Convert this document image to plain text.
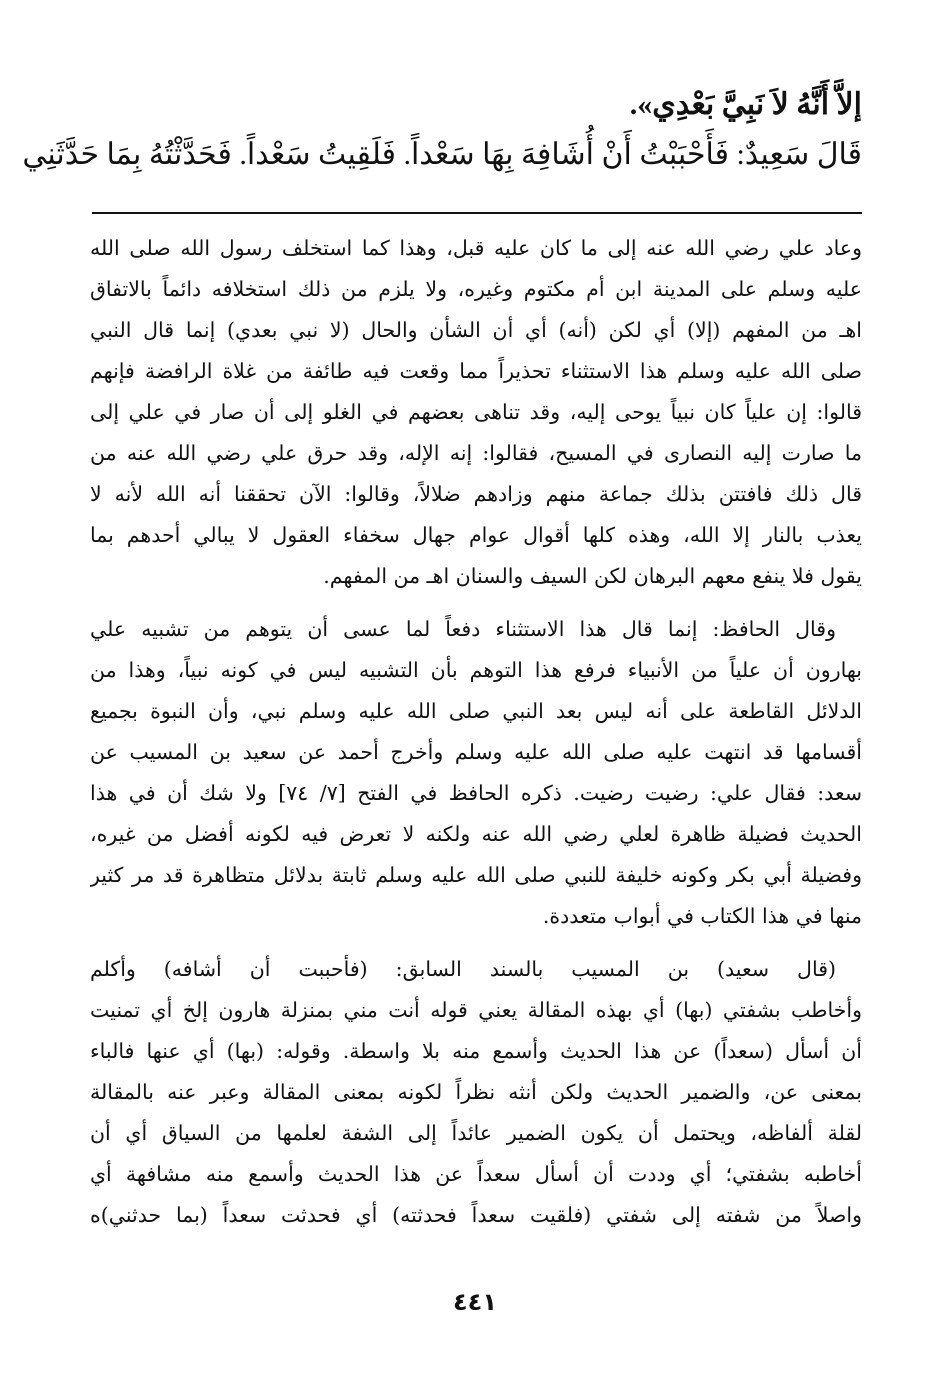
إلاَّ أَنَّهُ لاَ نَبِيَّ بَعْدِي».

قَالَ سَعِيدٌ: فَأَحْبَبْتُ أَنْ أُشَافِهَ بِهَا سَعْداً. فَلَقِيتُ سَعْداً. فَحَدَّثْتُهُ بِمَا حَدَّثَنِي

وعاد علي رضي الله عنه إلى ما كان عليه قبل، وهذا كما استخلف رسول الله صلى الله
عليه وسلم على المدينة ابن أم مكتوم وغيره، ولا يلزم من ذلك استخلافه دائماً بالاتفاق
اهـ من المفهم (إلا) أي لكن (أنه) أي أن الشأن والحال (لا نبي بعدي) إنما قال النبي
صلى الله عليه وسلم هذا الاستثناء تحذيراً مما وقعت فيه طائفة من غلاة الرافضة فإنهم
قالوا: إن علياً كان نبياً يوحى إليه، وقد تناهى بعضهم في الغلو إلى أن صار في علي إلى
ما صارت إليه النصارى في المسيح، فقالوا: إنه الإله، وقد حرق علي رضي الله عنه من
قال ذلك فافتتن بذلك جماعة منهم وزادهم ضلالاً، وقالوا: الآن تحققنا أنه الله لأنه لا
يعذب بالنار إلا الله، وهذه كلها أقوال عوام جهال سخفاء العقول لا يبالي أحدهم بما
يقول فلا ينفع معهم البرهان لكن السيف والسنان اهـ من المفهم.
وقال الحافظ: إنما قال هذا الاستثناء دفعاً لما عسى أن يتوهم من تشبيه علي
بهارون أن علياً من الأنبياء فرفع هذا التوهم بأن التشبيه ليس في كونه نبياً، وهذا من
الدلائل القاطعة على أنه ليس بعد النبي صلى الله عليه وسلم نبي، وأن النبوة بجميع
أقسامها قد انتهت عليه صلى الله عليه وسلم وأخرج أحمد عن سعيد بن المسيب عن
سعد: فقال علي: رضيت رضيت. ذكره الحافظ في الفتح [٧/ ٧٤] ولا شك أن في هذا
الحديث فضيلة ظاهرة لعلي رضي الله عنه ولكنه لا تعرض فيه لكونه أفضل من غيره،
وفضيلة أبي بكر وكونه خليفة للنبي صلى الله عليه وسلم ثابتة بدلائل متظاهرة قد مر كثير
منها في هذا الكتاب في أبواب متعددة.
(قال سعيد) بن المسيب بالسند السابق: (فأحببت أن أشافه) وأكلم
وأخاطب بشفتي (بها) أي بهذه المقالة يعني قوله أنت مني بمنزلة هارون إلخ أي تمنيت
أن أسأل (سعداً) عن هذا الحديث وأسمع منه بلا واسطة. وقوله: (بها) أي عنها فالباء
بمعنى عن، والضمير الحديث ولكن أنثه نظراً لكونه بمعنى المقالة وعبر عنه بالمقالة
لقلة ألفاظه، ويحتمل أن يكون الضمير عائداً إلى الشفة لعلمها من السياق أي أن
أخاطبه بشفتي؛ أي وددت أن أسأل سعداً عن هذا الحديث وأسمع منه مشافهة أي
واصلاً من شفته إلى شفتي (فلقيت سعداً فحدثته) أي فحدثت سعداً (بما حدثني)ه
٤٤١
